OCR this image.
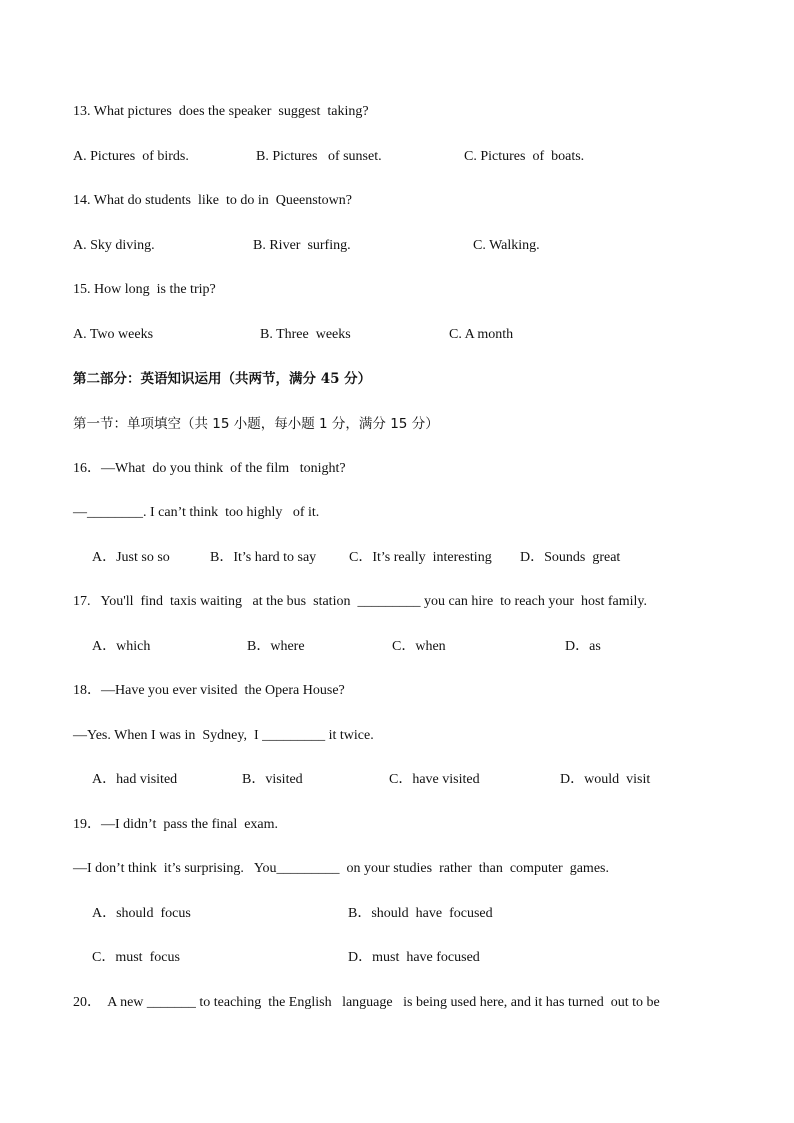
13. What pictures  does the speaker  suggest  taking?
A. Pictures  of birds.	B. Pictures   of sunset.	C. Pictures  of  boats.
14. What do students  like  to do in  Queenstown?
A. Sky diving.	B. River  surfing.	C. Walking.
15. How long  is the trip?
A. Two weeks	B. Three  weeks	C. A month
第二部分：英语知识运用（共两节，满分 45 分）
第一节：单项填空（共 15 小题，每小题 1 分，满分 15 分）
16．—What  do you think  of the film   tonight?
—________. I can’t think  too highly   of it.
A．Just so so	B．It’s hard to say C．It’s really  interesting D．Sounds  great
17.   You'll  find  taxis waiting   at the bus  station  _________ you can hire  to reach your  host family.
A．which	B．where	C．when	D．as
18．—Have you ever visited  the Opera House?
—Yes. When I was in  Sydney,  I _________ it twice.
A．had visited	B．visited	C．have visited	D．would  visit
19．—I didn’t  pass the final  exam.
—I don’t think  it’s surprising.   You_________  on your studies  rather  than  computer  games.
A．should  focus	B．should  have  focused
C．must  focus	D．must  have focused
20．  A new _______ to teaching  the English   language   is being used here, and it has turned  out to be
